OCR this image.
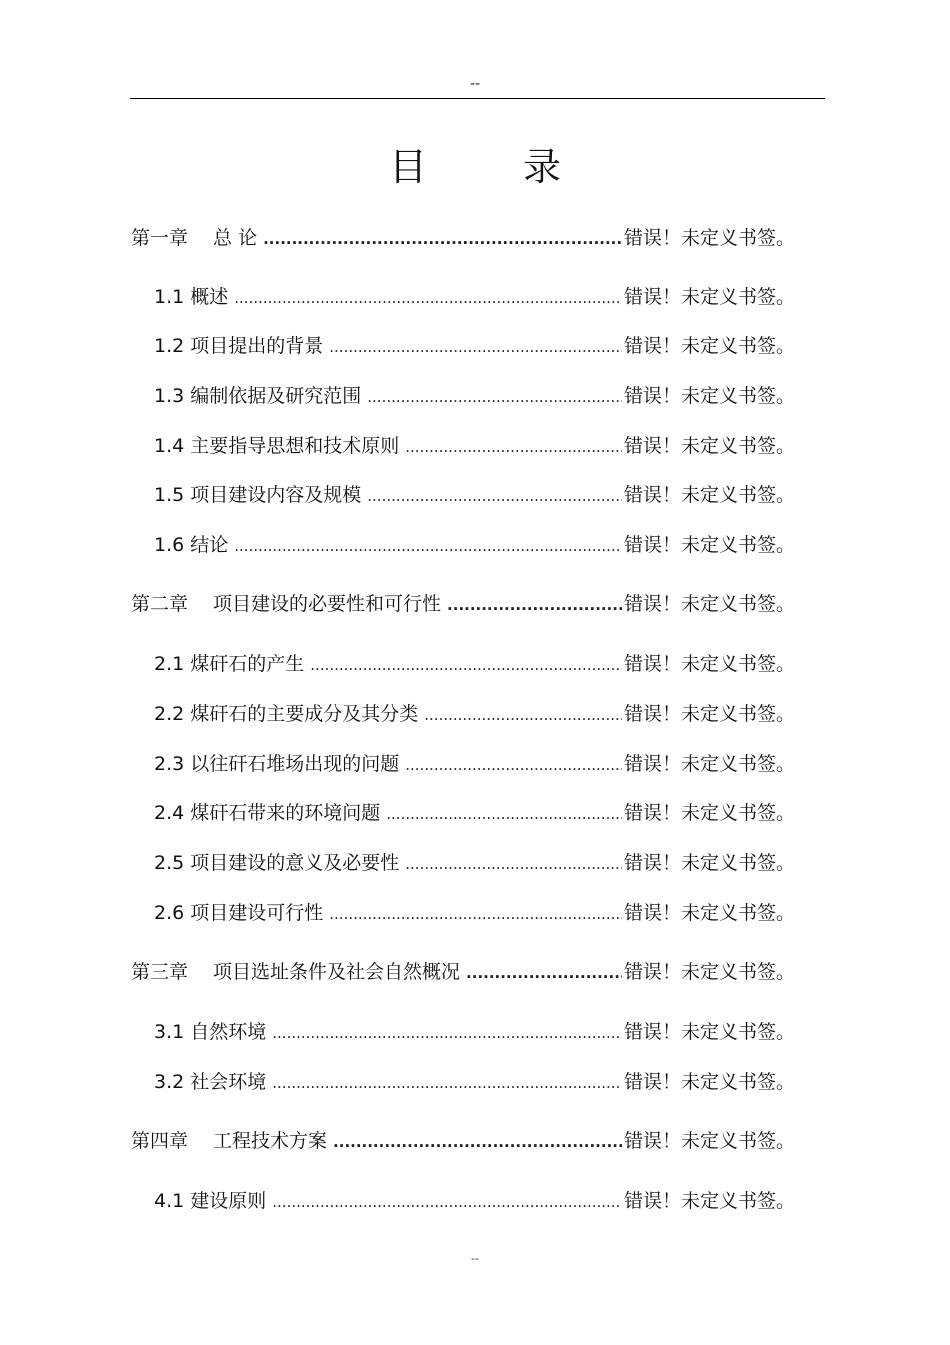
--
目 录
第一章　 总 论 .....	错误！未定义书签。
1.1 概述 .....	错误！未定义书签。
1.2 项目提出的背景 .....	错误！未定义书签。
1.3 编制依据及研究范围 .....	错误！未定义书签。
1.4 主要指导思想和技术原则 .....	错误！未定义书签。
1.5 项目建设内容及规模 .....	错误！未定义书签。
1.6 结论 .....	错误！未定义书签。
第二章　 项目建设的必要性和可行性 .....	错误！未定义书签。
2.1 煤矸石的产生 .....	错误！未定义书签。
2.2 煤矸石的主要成分及其分类 .....	错误！未定义书签。
2.3 以往矸石堆场出现的问题 .....	错误！未定义书签。
2.4 煤矸石带来的环境问题 .....	错误！未定义书签。
2.5 项目建设的意义及必要性 .....	错误！未定义书签。
2.6 项目建设可行性 .....	错误！未定义书签。
第三章　 项目选址条件及社会自然概况 .....	错误！未定义书签。
3.1 自然环境 .....	错误！未定义书签。
3.2 社会环境 .....	错误！未定义书签。
第四章　 工程技术方案 .....	错误！未定义书签。
4.1 建设原则 .....	错误！未定义书签。
--
